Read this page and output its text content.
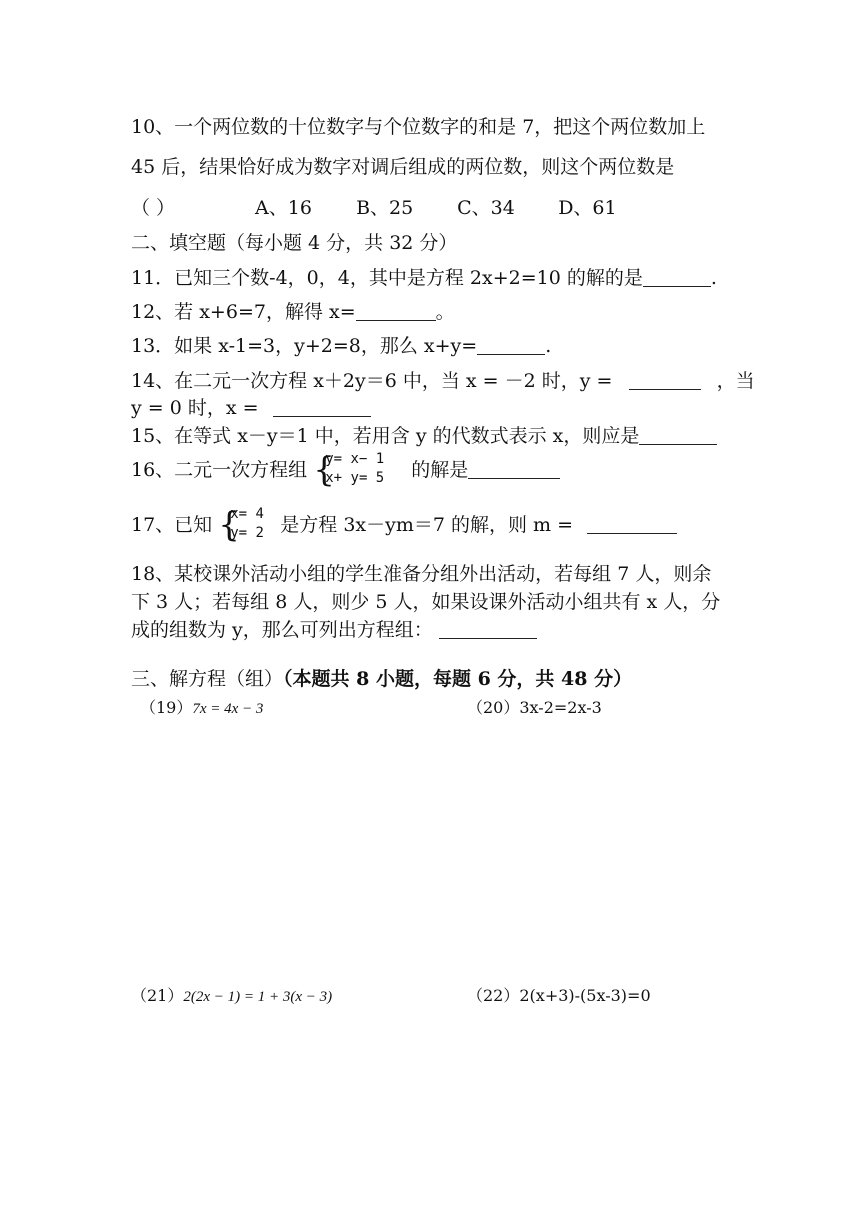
10、一个两位数的十位数字与个位数字的和是 7，把这个两位数加上
45 后，结果恰好成为数字对调后组成的两位数，则这个两位数是
（ ）	A、16 B、25 C、34 D、61
二、填空题（每小题 4 分，共 32 分）
11．已知三个数-4，0，4，其中是方程 2x+2=10 的解的是	.
12、若 x+6=7，解得 x=	。
13．如果 x-1=3，y+2=8，那么 x+y=	.
14、在二元一次方程 x＋2y＝6 中，当 x = －2 时，y =	，当
y = 0 时，x =
15、在等式 x－y＝1 中，若用含 y 的代数式表示 x，则应是
16、二元一次方程组 {
y= x− 1
x+ y= 5 的解是
17、已知 {
x= 4
y= 2 是方程 3x－ym＝7 的解，则 m =
18、某校课外活动小组的学生准备分组外出活动，若每组 7 人，则余
下 3 人；若每组 8 人，则少 5 人，如果设课外活动小组共有 x 人，分
成的组数为 y，那么可列出方程组：
三、解方程（组）（本题共 8 小题，每题 6 分，共 48 分）
（19）7x = 4x − 3	（20）3x-2=2x-3
（21）2(2x − 1) = 1 + 3(x − 3)	（22）2(x+3)-(5x-3)=0
